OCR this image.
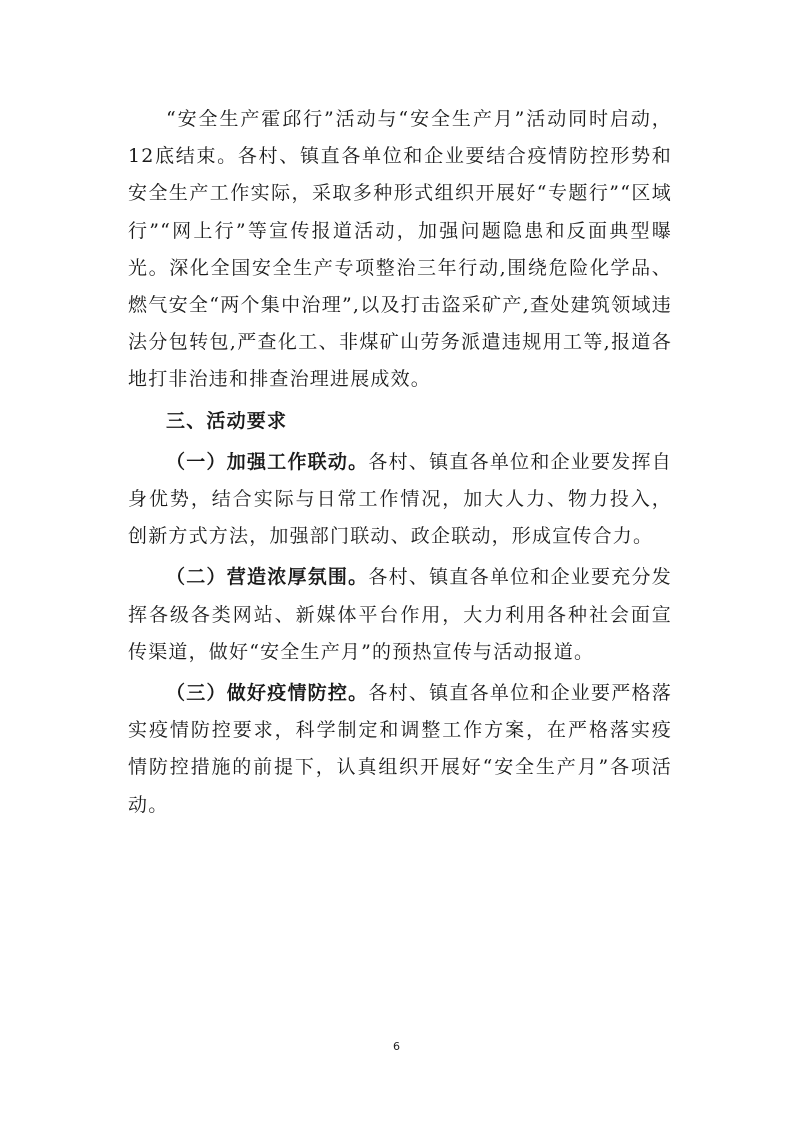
“安全生产霍邱行”活动与“安全生产月”活动同时启动，12底结束。各村、镇直各单位和企业要结合疫情防控形势和安全生产工作实际，采取多种形式组织开展好“专题行”“区域行”“网上行”等宣传报道活动，加强问题隐患和反面典型曝光。深化全国安全生产专项整治三年行动,围绕危险化学品、燃气安全“两个集中治理”,以及打击盗采矿产,查处建筑领域违法分包转包,严查化工、非煤矿山劳务派遣违规用工等,报道各地打非治违和排查治理进展成效。

三、活动要求

（一）加强工作联动。各村、镇直各单位和企业要发挥自身优势，结合实际与日常工作情况，加大人力、物力投入，创新方式方法，加强部门联动、政企联动，形成宣传合力。

（二）营造浓厚氛围。各村、镇直各单位和企业要充分发挥各级各类网站、新媒体平台作用，大力利用各种社会面宣传渠道，做好“安全生产月”的预热宣传与活动报道。

（三）做好疫情防控。各村、镇直各单位和企业要严格落实疫情防控要求，科学制定和调整工作方案，在严格落实疫情防控措施的前提下，认真组织开展好“安全生产月”各项活动。

6
